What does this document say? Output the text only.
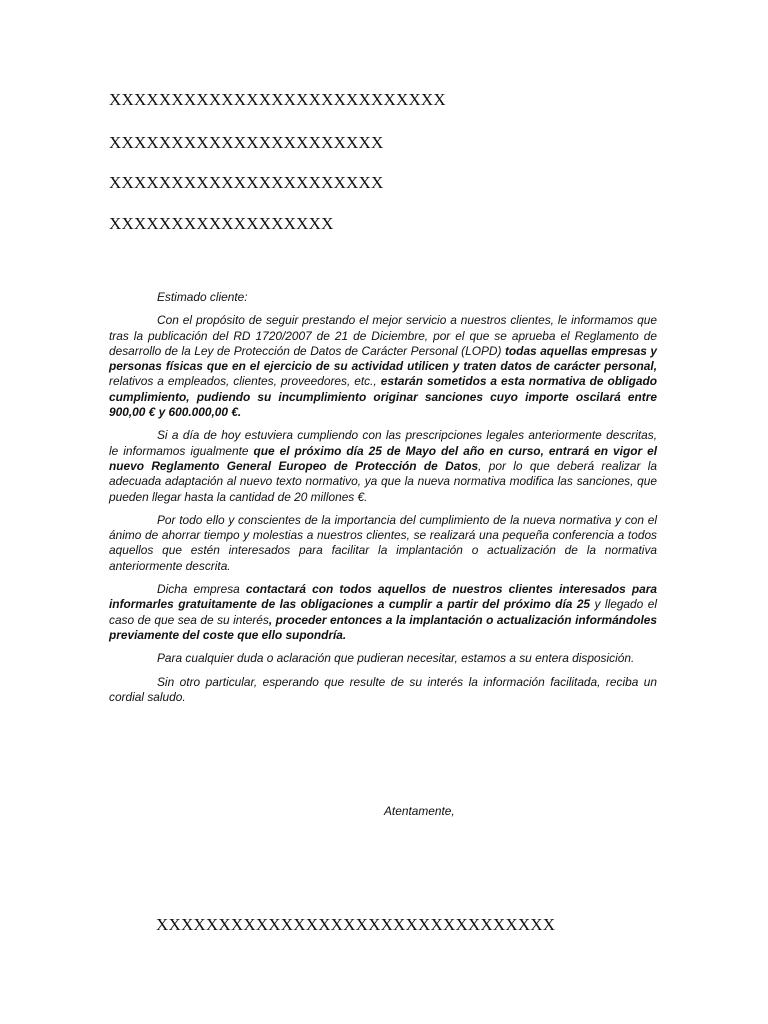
XXXXXXXXXXXXXXXXXXXXXXXXXXX
XXXXXXXXXXXXXXXXXXXXXX
XXXXXXXXXXXXXXXXXXXXXX
XXXXXXXXXXXXXXXXXX

Estimado cliente:

Con el propósito de seguir prestando el mejor servicio a nuestros clientes, le informamos que tras la publicación del RD 1720/2007 de 21 de Diciembre, por el que se aprueba el Reglamento de desarrollo de la Ley de Protección de Datos de Carácter Personal (LOPD) todas aquellas empresas y personas físicas que en el ejercicio de su actividad utilicen y traten datos de carácter personal, relativos a empleados, clientes, proveedores, etc., estarán sometidos a esta normativa de obligado cumplimiento, pudiendo su incumplimiento originar sanciones cuyo importe oscilará entre 900,00 € y 600.000,00 €.

Si a día de hoy estuviera cumpliendo con las prescripciones legales anteriormente descritas, le informamos igualmente que el próximo día 25 de Mayo del año en curso, entrará en vigor el nuevo Reglamento General Europeo de Protección de Datos, por lo que deberá realizar la adecuada adaptación al nuevo texto normativo, ya que la nueva normativa modifica las sanciones, que pueden llegar hasta la cantidad de 20 millones €.

Por todo ello y conscientes de la importancia del cumplimiento de la nueva normativa y con el ánimo de ahorrar tiempo y molestias a nuestros clientes, se realizará una pequeña conferencia a todos aquellos que estén interesados para facilitar la implantación o actualización de la normativa anteriormente descrita.

Dicha empresa contactará con todos aquellos de nuestros clientes interesados para informarles gratuitamente de las obligaciones a cumplir a partir del próximo día 25 y llegado el caso de que sea de su interés, proceder entonces a la implantación o actualización informándoles previamente del coste que ello supondría.

Para cualquier duda o aclaración que pudieran necesitar, estamos a su entera disposición.

Sin otro particular, esperando que resulte de su interés la información facilitada, reciba un cordial saludo.

Atentamente,
XXXXXXXXXXXXXXXXXXXXXXXXXXXXXXXX
